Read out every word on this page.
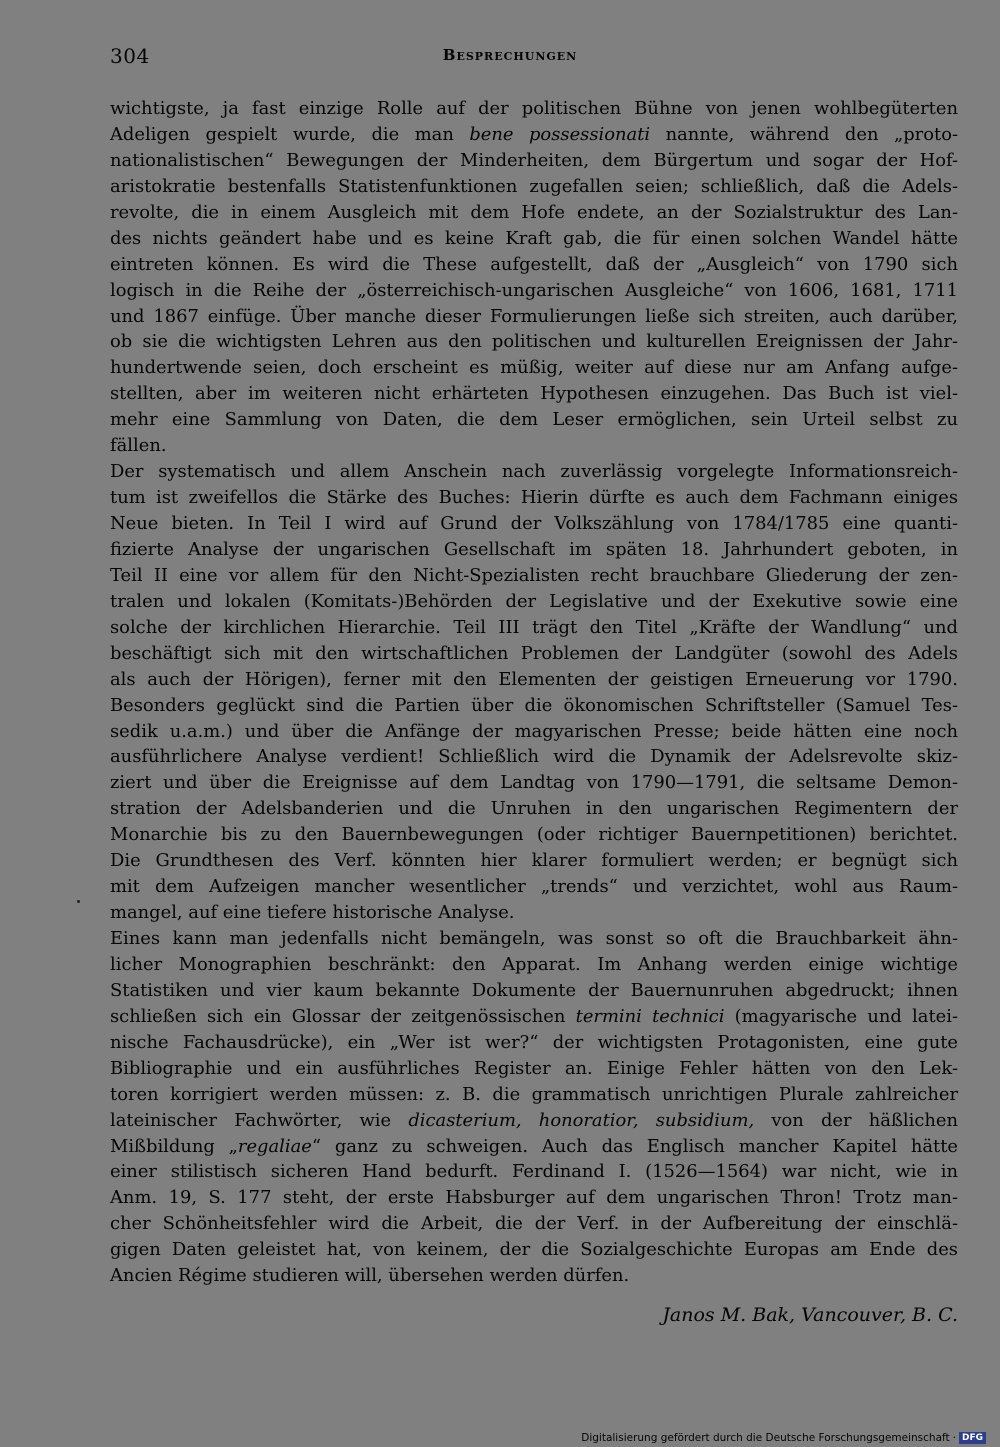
304	Besprechungen
wichtigste, ja fast einzige Rolle auf der politischen Bühne von jenen wohlbegüterten
Adeligen gespielt wurde, die man bene possessionati nannte, während den „proto-
nationalistischen“ Bewegungen der Minderheiten, dem Bürgertum und sogar der Hof-
aristokratie bestenfalls Statistenfunktionen zugefallen seien; schließlich, daß die Adels-
revolte, die in einem Ausgleich mit dem Hofe endete, an der Sozialstruktur des Lan-
des nichts geändert habe und es keine Kraft gab, die für einen solchen Wandel hätte
eintreten können. Es wird die These aufgestellt, daß der „Ausgleich“ von 1790 sich
logisch in die Reihe der „österreichisch-ungarischen Ausgleiche“ von 1606, 1681, 1711
und 1867 einfüge. Über manche dieser Formulierungen ließe sich streiten, auch darüber,
ob sie die wichtigsten Lehren aus den politischen und kulturellen Ereignissen der Jahr-
hundertwende seien, doch erscheint es müßig, weiter auf diese nur am Anfang aufge-
stellten, aber im weiteren nicht erhärteten Hypothesen einzugehen. Das Buch ist viel-
mehr eine Sammlung von Daten, die dem Leser ermöglichen, sein Urteil selbst zu
fällen.
Der systematisch und allem Anschein nach zuverlässig vorgelegte Informationsreich-
tum ist zweifellos die Stärke des Buches: Hierin dürfte es auch dem Fachmann einiges
Neue bieten. In Teil I wird auf Grund der Volkszählung von 1784/1785 eine quanti-
fizierte Analyse der ungarischen Gesellschaft im späten 18. Jahrhundert geboten, in
Teil II eine vor allem für den Nicht-Spezialisten recht brauchbare Gliederung der zen-
tralen und lokalen (Komitats-)Behörden der Legislative und der Exekutive sowie eine
solche der kirchlichen Hierarchie. Teil III trägt den Titel „Kräfte der Wandlung“ und
beschäftigt sich mit den wirtschaftlichen Problemen der Landgüter (sowohl des Adels
als auch der Hörigen), ferner mit den Elementen der geistigen Erneuerung vor 1790.
Besonders geglückt sind die Partien über die ökonomischen Schriftsteller (Samuel Tes-
sedik u.a.m.) und über die Anfänge der magyarischen Presse; beide hätten eine noch
ausführlichere Analyse verdient! Schließlich wird die Dynamik der Adelsrevolte skiz-
ziert und über die Ereignisse auf dem Landtag von 1790—1791, die seltsame Demon-
stration der Adelsbanderien und die Unruhen in den ungarischen Regimentern der
Monarchie bis zu den Bauernbewegungen (oder richtiger Bauernpetitionen) berichtet.
Die Grundthesen des Verf. könnten hier klarer formuliert werden; er begnügt sich
mit dem Aufzeigen mancher wesentlicher „trends“ und verzichtet, wohl aus Raum-
mangel, auf eine tiefere historische Analyse.
Eines kann man jedenfalls nicht bemängeln, was sonst so oft die Brauchbarkeit ähn-
licher Monographien beschränkt: den Apparat. Im Anhang werden einige wichtige
Statistiken und vier kaum bekannte Dokumente der Bauernunruhen abgedruckt; ihnen
schließen sich ein Glossar der zeitgenössischen termini technici (magyarische und latei-
nische Fachausdrücke), ein „Wer ist wer?“ der wichtigsten Protagonisten, eine gute
Bibliographie und ein ausführliches Register an. Einige Fehler hätten von den Lek-
toren korrigiert werden müssen: z. B. die grammatisch unrichtigen Plurale zahlreicher
lateinischer Fachwörter, wie dicasterium, honoratior, subsidium, von der häßlichen
Mißbildung „regaliae“ ganz zu schweigen. Auch das Englisch mancher Kapitel hätte
einer stilistisch sicheren Hand bedurft. Ferdinand I. (1526—1564) war nicht, wie in
Anm. 19, S. 177 steht, der erste Habsburger auf dem ungarischen Thron! Trotz man-
cher Schönheitsfehler wird die Arbeit, die der Verf. in der Aufbereitung der einschlä-
gigen Daten geleistet hat, von keinem, der die Sozialgeschichte Europas am Ende des
Ancien Régime studieren will, übersehen werden dürfen.
Janos M. Bak, Vancouver, B. C.
Digitalisierung gefördert durch die Deutsche Forschungsgemeinschaft · DFG
